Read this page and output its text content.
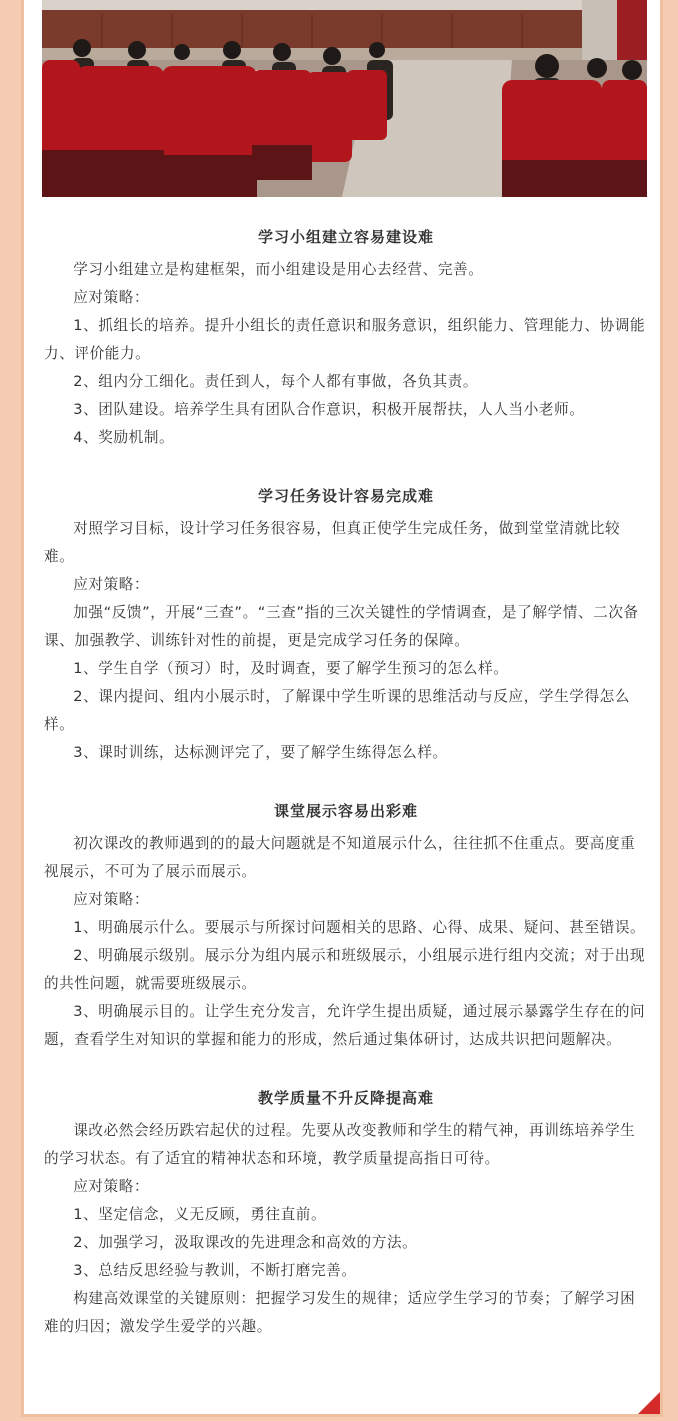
学习小组建立容易建设难

学习小组建立是构建框架，而小组建设是用心去经营、完善。

应对策略：

1、抓组长的培养。提升小组长的责任意识和服务意识，组织能力、管理能力、协调能力、评价能力。

2、组内分工细化。责任到人，每个人都有事做，各负其责。

3、团队建设。培养学生具有团队合作意识，积极开展帮扶，人人当小老师。

4、奖励机制。

学习任务设计容易完成难

对照学习目标，设计学习任务很容易，但真正使学生完成任务，做到堂堂清就比较难。

应对策略：

加强“反馈”，开展“三查”。“三查”指的三次关键性的学情调查，是了解学情、二次备课、加强教学、训练针对性的前提，更是完成学习任务的保障。

1、学生自学（预习）时，及时调查，要了解学生预习的怎么样。

2、课内提问、组内小展示时，了解课中学生听课的思维活动与反应，学生学得怎么样。

3、课时训练，达标测评完了，要了解学生练得怎么样。

课堂展示容易出彩难

初次课改的教师遇到的的最大问题就是不知道展示什么，往往抓不住重点。要高度重视展示，不可为了展示而展示。

应对策略：

1、明确展示什么。要展示与所探讨问题相关的思路、心得、成果、疑问、甚至错误。

2、明确展示级别。展示分为组内展示和班级展示，小组展示进行组内交流；对于出现的共性问题，就需要班级展示。

3、明确展示目的。让学生充分发言，允许学生提出质疑，通过展示暴露学生存在的问题，查看学生对知识的掌握和能力的形成，然后通过集体研讨，达成共识把问题解决。

教学质量不升反降提高难

课改必然会经历跌宕起伏的过程。先要从改变教师和学生的精气神，再训练培养学生的学习状态。有了适宜的精神状态和环境，教学质量提高指日可待。

应对策略：

1、坚定信念，义无反顾，勇往直前。

2、加强学习，汲取课改的先进理念和高效的方法。

3、总结反思经验与教训，不断打磨完善。

构建高效课堂的关键原则：把握学习发生的规律；适应学生学习的节奏；了解学习困难的归因；激发学生爱学的兴趣。
